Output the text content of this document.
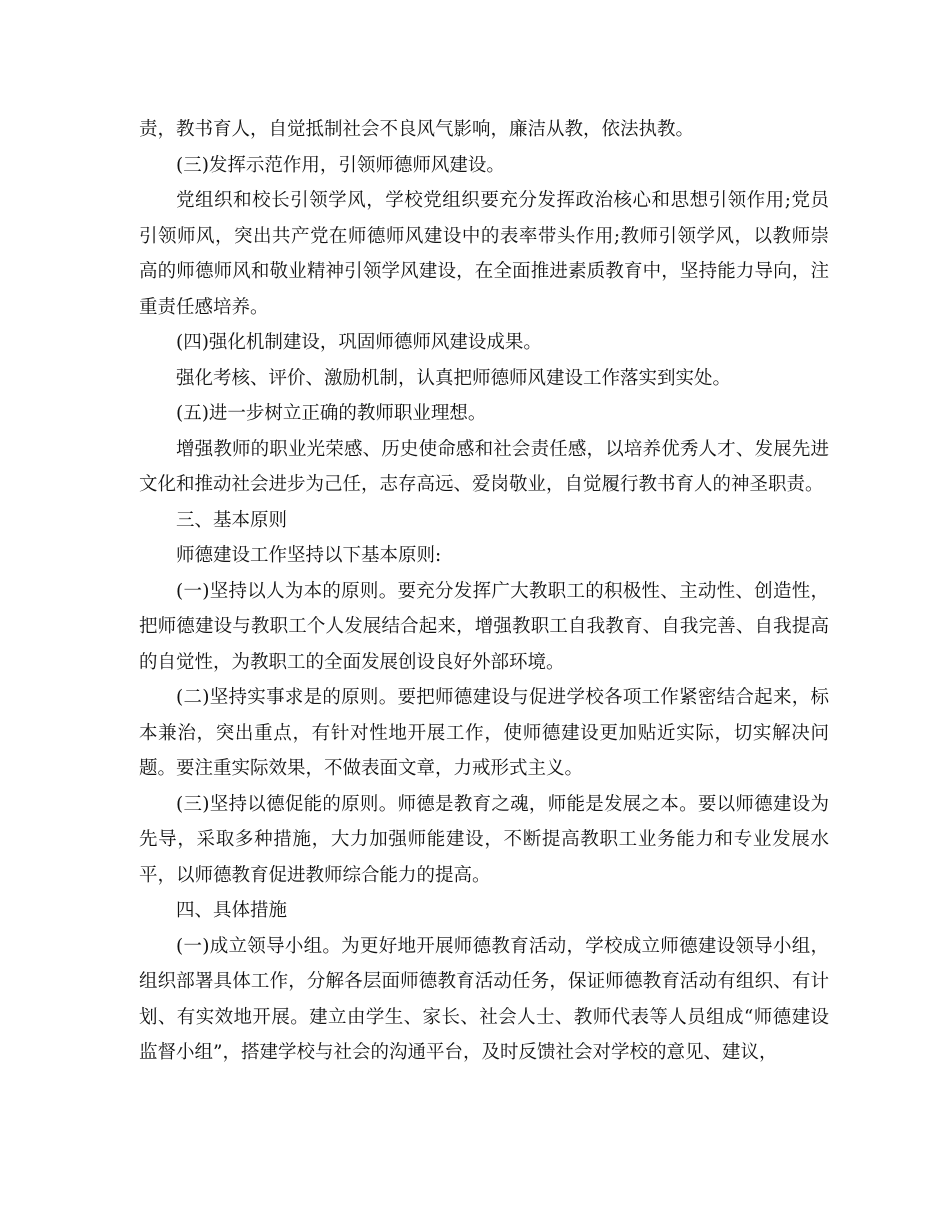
责，教书育人，自觉抵制社会不良风气影响，廉洁从教，依法执教。

(三)发挥示范作用，引领师德师风建设。

党组织和校长引领学风，学校党组织要充分发挥政治核心和思想引领作用;党员引领师风，突出共产党在师德师风建设中的表率带头作用;教师引领学风，以教师崇高的师德师风和敬业精神引领学风建设，在全面推进素质教育中，坚持能力导向，注重责任感培养。

(四)强化机制建设，巩固师德师风建设成果。

强化考核、评价、激励机制，认真把师德师风建设工作落实到实处。

(五)进一步树立正确的教师职业理想。

增强教师的职业光荣感、历史使命感和社会责任感，以培养优秀人才、发展先进文化和推动社会进步为己任，志存高远、爱岗敬业，自觉履行教书育人的神圣职责。

三、基本原则

师德建设工作坚持以下基本原则:

(一)坚持以人为本的原则。要充分发挥广大教职工的积极性、主动性、创造性，把师德建设与教职工个人发展结合起来，增强教职工自我教育、自我完善、自我提高的自觉性，为教职工的全面发展创设良好外部环境。

(二)坚持实事求是的原则。要把师德建设与促进学校各项工作紧密结合起来，标本兼治，突出重点，有针对性地开展工作，使师德建设更加贴近实际，切实解决问题。要注重实际效果，不做表面文章，力戒形式主义。

(三)坚持以德促能的原则。师德是教育之魂，师能是发展之本。要以师德建设为先导，采取多种措施，大力加强师能建设，不断提高教职工业务能力和专业发展水平，以师德教育促进教师综合能力的提高。

四、具体措施

(一)成立领导小组。为更好地开展师德教育活动，学校成立师德建设领导小组，组织部署具体工作，分解各层面师德教育活动任务，保证师德教育活动有组织、有计划、有实效地开展。建立由学生、家长、社会人士、教师代表等人员组成“师德建设监督小组”，搭建学校与社会的沟通平台，及时反馈社会对学校的意见、建议，
